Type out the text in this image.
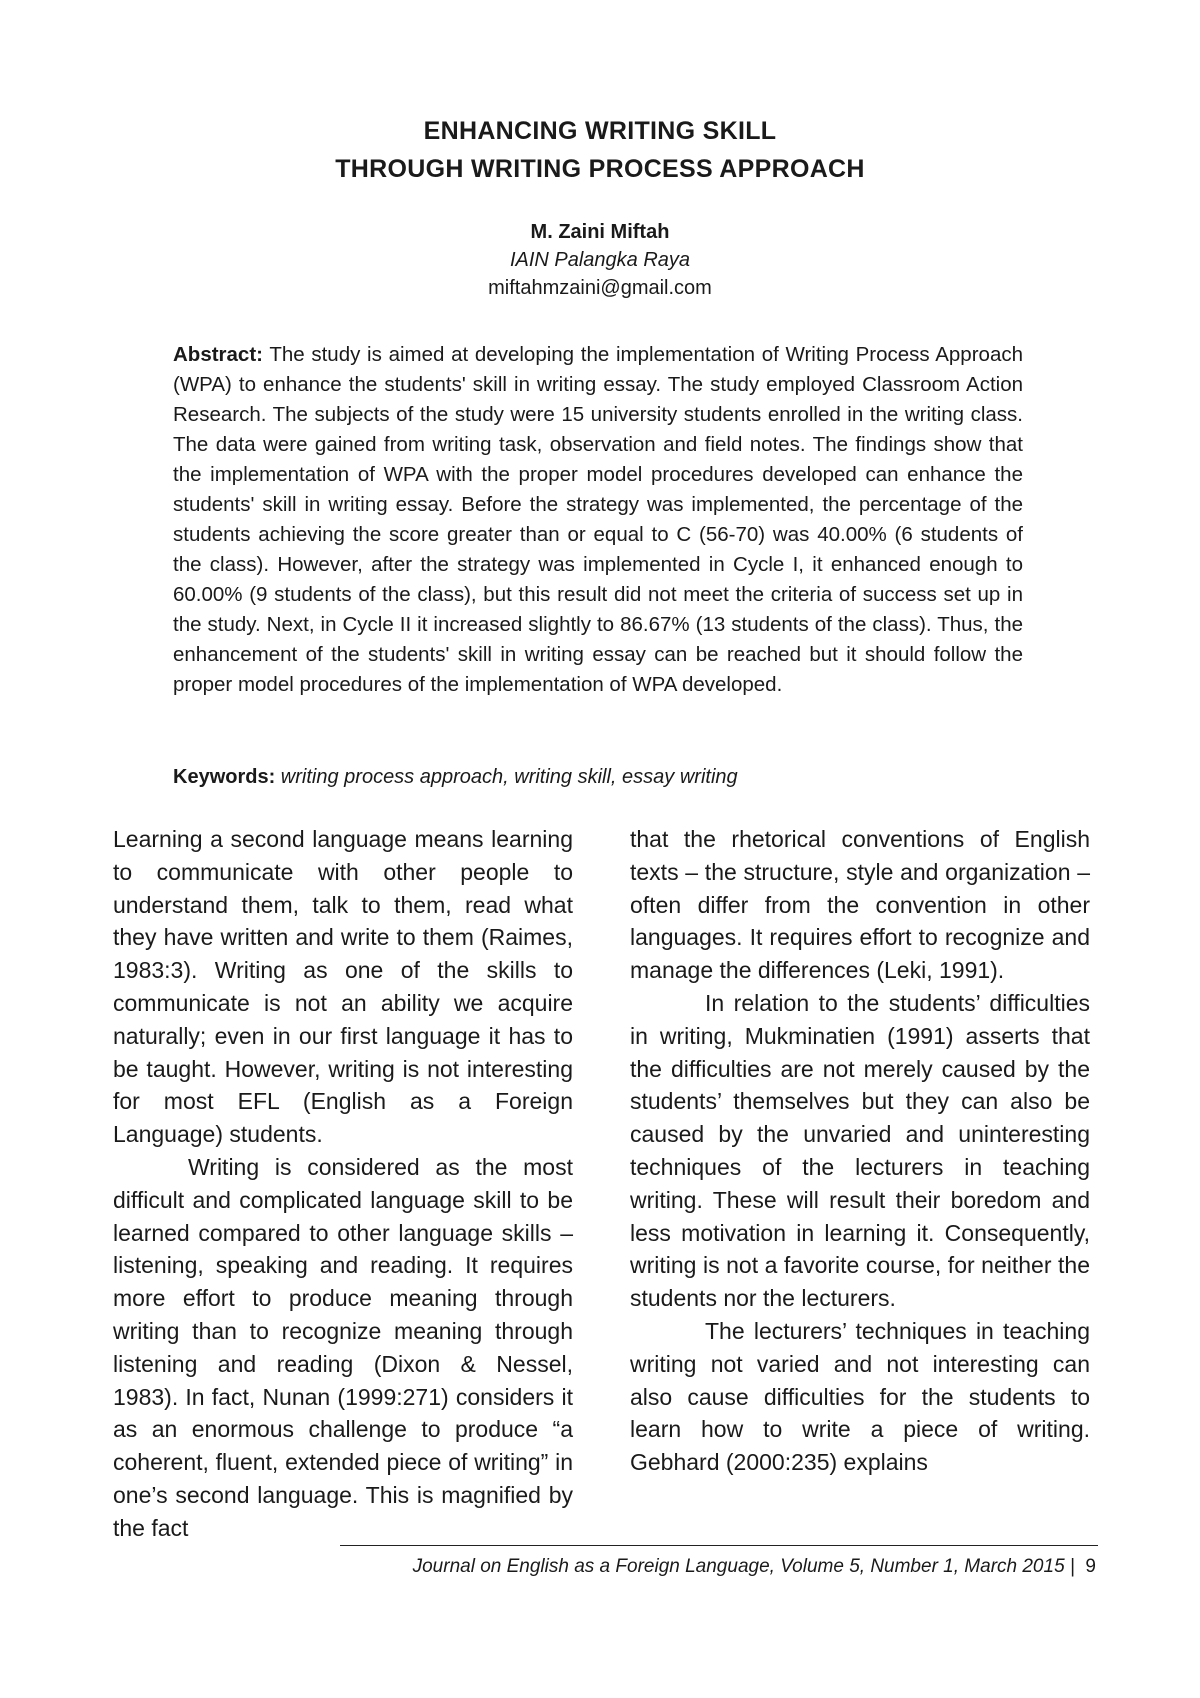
ENHANCING WRITING SKILL
THROUGH WRITING PROCESS APPROACH
M. Zaini Miftah
IAIN Palangka Raya
miftahmzaini@gmail.com
Abstract: The study is aimed at developing the implementation of Writing Process Approach (WPA) to enhance the students' skill in writing essay. The study employed Classroom Action Research. The subjects of the study were 15 university students enrolled in the writing class. The data were gained from writing task, observation and field notes. The findings show that the implementation of WPA with the proper model procedures developed can enhance the students' skill in writing essay. Before the strategy was implemented, the percentage of the students achieving the score greater than or equal to C (56-70) was 40.00% (6 students of the class). However, after the strategy was implemented in Cycle I, it enhanced enough to 60.00% (9 students of the class), but this result did not meet the criteria of success set up in the study. Next, in Cycle II it increased slightly to 86.67% (13 students of the class). Thus, the enhancement of the students' skill in writing essay can be reached but it should follow the proper model procedures of the implementation of WPA developed.
Keywords: writing process approach, writing skill, essay writing

Learning a second language means learning to communicate with other people to understand them, talk to them, read what they have written and write to them (Raimes, 1983:3). Writing as one of the skills to communicate is not an ability we acquire naturally; even in our first language it has to be taught. However, writing is not interesting for most EFL (English as a Foreign Language) students.

Writing is considered as the most difficult and complicated language skill to be learned compared to other language skills – listening, speaking and reading. It requires more effort to produce meaning through writing than to recognize meaning through listening and reading (Dixon & Nessel, 1983). In fact, Nunan (1999:271) considers it as an enormous challenge to produce “a coherent, fluent, extended piece of writing” in one’s second language. This is magnified by the fact

that the rhetorical conventions of English texts – the structure, style and organization – often differ from the convention in other languages. It requires effort to recognize and manage the differences (Leki, 1991).

In relation to the students’ difficulties in writing, Mukminatien (1991) asserts that the difficulties are not merely caused by the students’ themselves but they can also be caused by the unvaried and uninteresting techniques of the lecturers in teaching writing. These will result their boredom and less motivation in learning it. Consequently, writing is not a favorite course, for neither the students nor the lecturers.

The lecturers’ techniques in teaching writing not varied and not interesting can also cause difficulties for the students to learn how to write a piece of writing. Gebhard (2000:235) explains

Journal on English as a Foreign Language, Volume 5, Number 1, March 2015 | 9
